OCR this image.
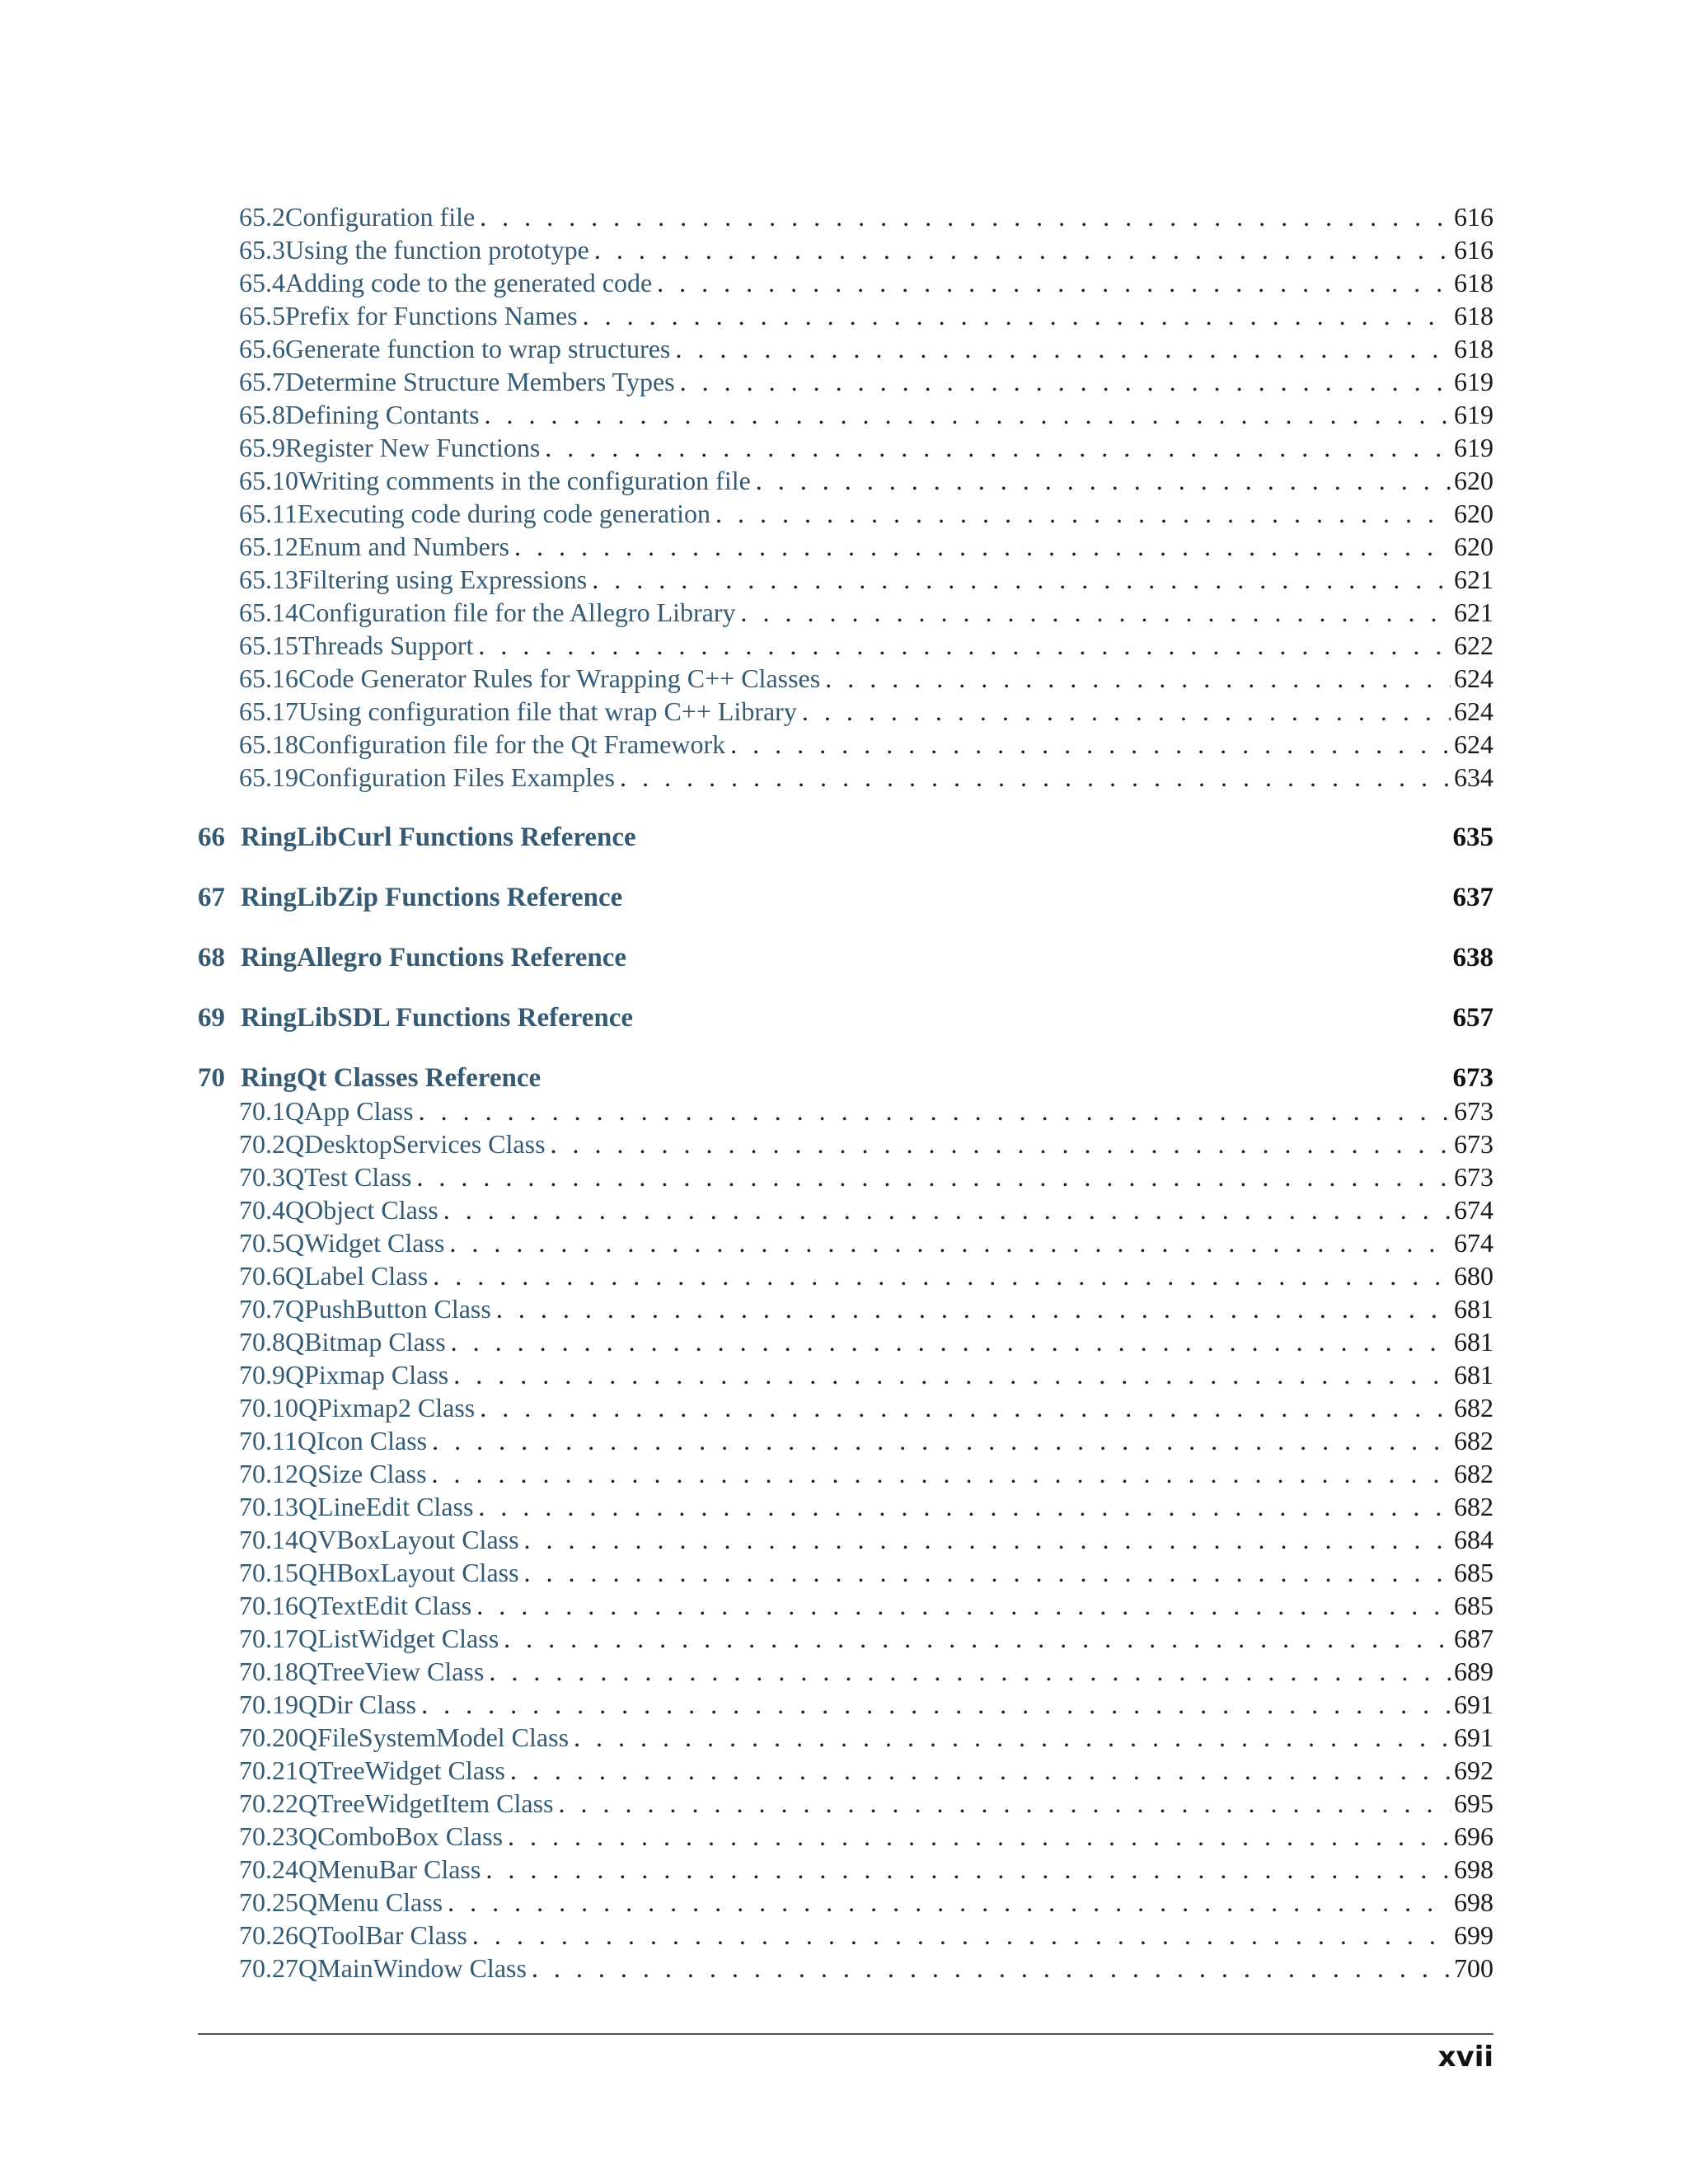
65.2 Configuration file . . .	616
65.3 Using the function prototype . . .	616
65.4 Adding code to the generated code . . .	618
65.5 Prefix for Functions Names . . .	618
65.6 Generate function to wrap structures . . .	618
65.7 Determine Structure Members Types . . .	619
65.8 Defining Contants . . .	619
65.9 Register New Functions . . .	619
65.10 Writing comments in the configuration file . . .	620
65.11 Executing code during code generation . . .	620
65.12 Enum and Numbers . . .	620
65.13 Filtering using Expressions . . .	621
65.14 Configuration file for the Allegro Library . . .	621
65.15 Threads Support . . .	622
65.16 Code Generator Rules for Wrapping C++ Classes . . .	624
65.17 Using configuration file that wrap C++ Library . . .	624
65.18 Configuration file for the Qt Framework . . .	624
65.19 Configuration Files Examples . . .	634
66 RingLibCurl Functions Reference	635
67 RingLibZip Functions Reference	637
68 RingAllegro Functions Reference	638
69 RingLibSDL Functions Reference	657
70 RingQt Classes Reference	673
70.1 QApp Class . . .	673
70.2 QDesktopServices Class . . .	673
70.3 QTest Class . . .	673
70.4 QObject Class . . .	674
70.5 QWidget Class . . .	674
70.6 QLabel Class . . .	680
70.7 QPushButton Class . . .	681
70.8 QBitmap Class . . .	681
70.9 QPixmap Class . . .	681
70.10 QPixmap2 Class . . .	682
70.11 QIcon Class . . .	682
70.12 QSize Class . . .	682
70.13 QLineEdit Class . . .	682
70.14 QVBoxLayout Class . . .	684
70.15 QHBoxLayout Class . . .	685
70.16 QTextEdit Class . . .	685
70.17 QListWidget Class . . .	687
70.18 QTreeView Class . . .	689
70.19 QDir Class . . .	691
70.20 QFileSystemModel Class . . .	691
70.21 QTreeWidget Class . . .	692
70.22 QTreeWidgetItem Class . . .	695
70.23 QComboBox Class . . .	696
70.24 QMenuBar Class . . .	698
70.25 QMenu Class . . .	698
70.26 QToolBar Class . . .	699
70.27 QMainWindow Class . . .	700
xvii
